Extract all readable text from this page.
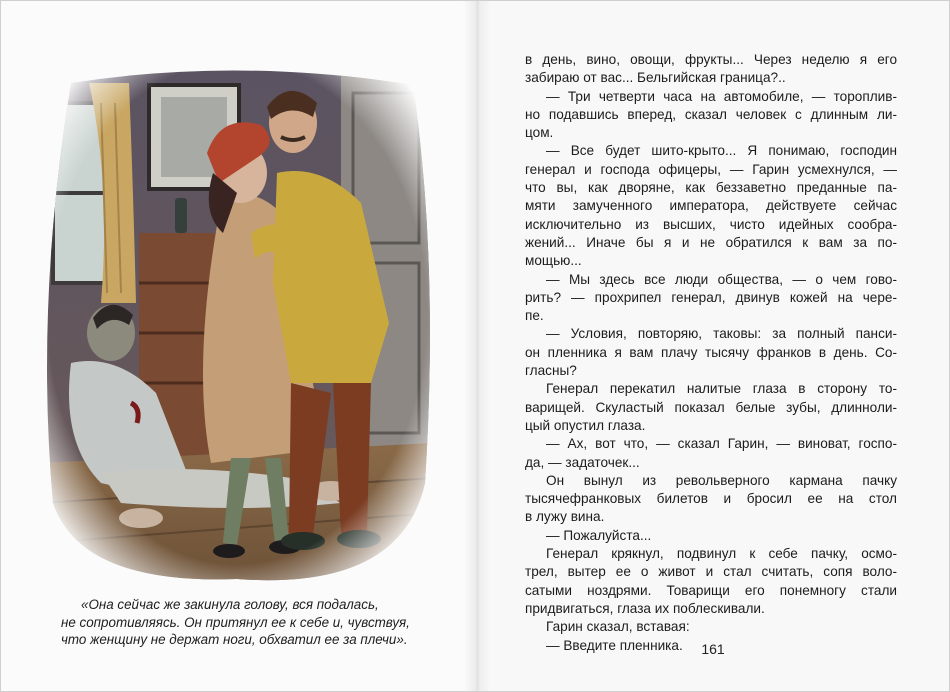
«Она сейчас же закинула голову, вся подалась,
не сопротивляясь. Он притянул ее к себе и, чувствуя,
что женщину не держат ноги, обхватил ее за плечи».
в день, вино, овощи, фрукты... Через неделю я его
забираю от вас... Бельгийская граница?..
— Три четверти часа на автомобиле, — тороплив-
но подавшись вперед, сказал человек с длинным ли-
цом.
— Все будет шито-крыто... Я понимаю, господин
генерал и господа офицеры, — Гарин усмехнулся, —
что вы, как дворяне, как беззаветно преданные па-
мяти замученного императора, действуете сейчас
исключительно из высших, чисто идейных сообра-
жений... Иначе бы я и не обратился к вам за по-
мощью...
— Мы здесь все люди общества, — о чем гово-
рить? — прохрипел генерал, двинув кожей на чере-
пе.
— Условия, повторяю, таковы: за полный панси-
он пленника я вам плачу тысячу франков в день. Со-
гласны?
Генерал перекатил налитые глаза в сторону то-
варищей. Скуластый показал белые зубы, длинноли-
цый опустил глаза.
— Ах, вот что, — сказал Гарин, — виноват, госпо-
да, — задаточек...
Он вынул из револьверного кармана пачку
тысячефранковых билетов и бросил ее на стол
в лужу вина.
— Пожалуйста...
Генерал крякнул, подвинул к себе пачку, осмо-
трел, вытер ее о живот и стал считать, сопя воло-
сатыми ноздрями. Товарищи его понемногу стали
придвигаться, глаза их поблескивали.
Гарин сказал, вставая:
— Введите пленника.	161
